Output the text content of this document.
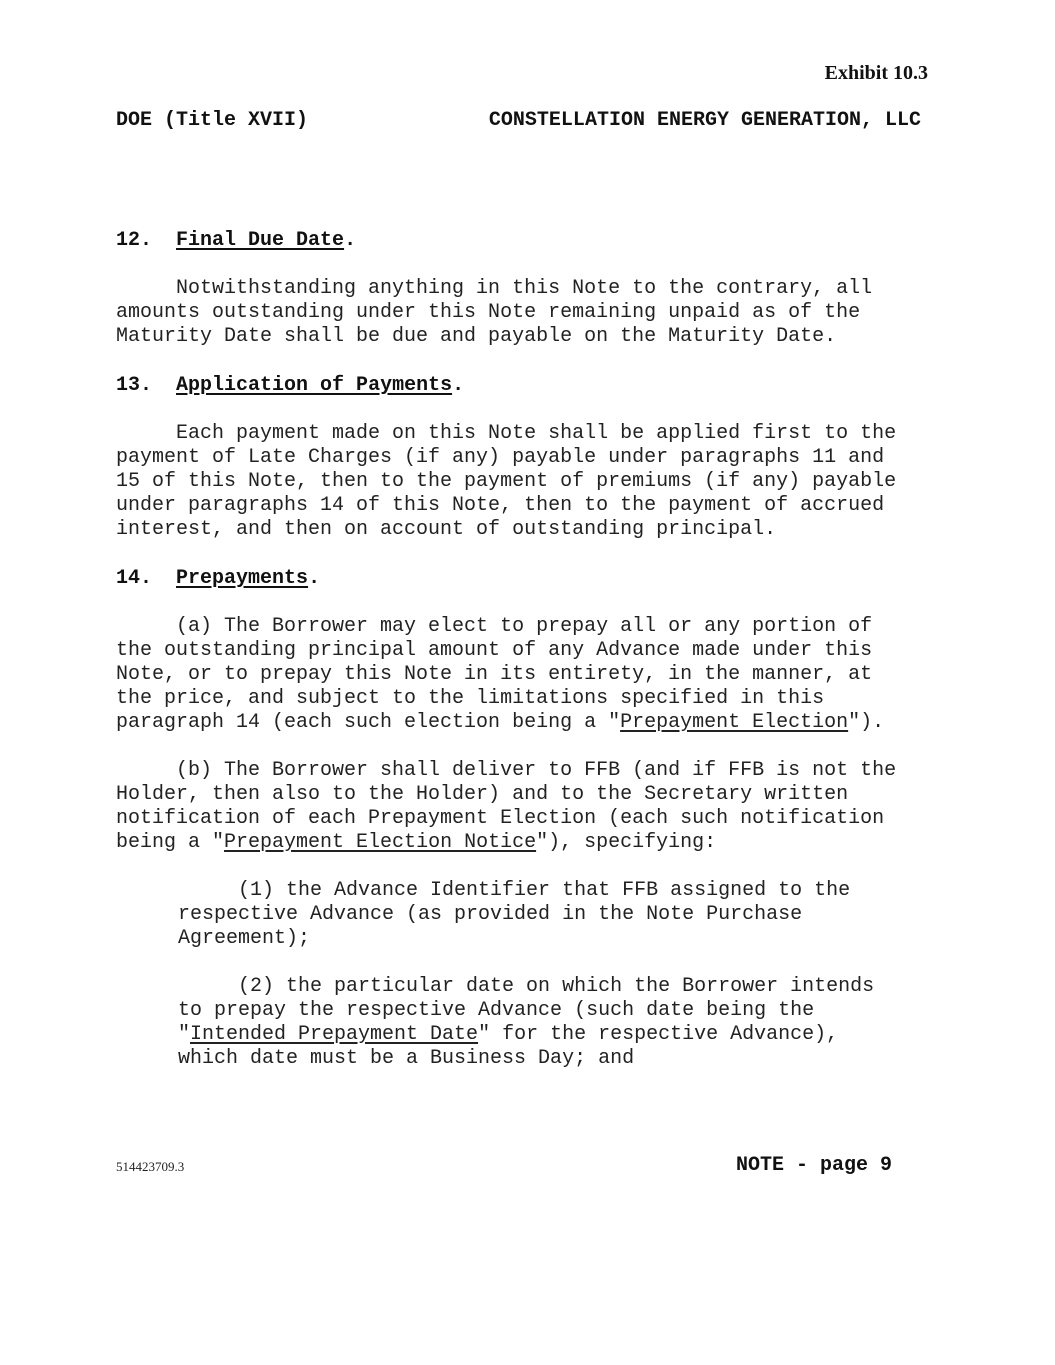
Exhibit 10.3
DOE (Title XVII)	CONSTELLATION ENERGY GENERATION, LLC
12. Final Due Date.
Notwithstanding anything in this Note to the contrary, all
amounts outstanding under this Note remaining unpaid as of the
Maturity Date shall be due and payable on the Maturity Date.
13. Application of Payments.
Each payment made on this Note shall be applied first to the
payment of Late Charges (if any) payable under paragraphs 11 and
15 of this Note, then to the payment of premiums (if any) payable
under paragraphs 14 of this Note, then to the payment of accrued
interest, and then on account of outstanding principal.
14. Prepayments.
(a) The Borrower may elect to prepay all or any portion of
the outstanding principal amount of any Advance made under this
Note, or to prepay this Note in its entirety, in the manner, at
the price, and subject to the limitations specified in this
paragraph 14 (each such election being a "Prepayment Election").
(b) The Borrower shall deliver to FFB (and if FFB is not the
Holder, then also to the Holder) and to the Secretary written
notification of each Prepayment Election (each such notification
being a "Prepayment Election Notice"), specifying:
(1) the Advance Identifier that FFB assigned to the
respective Advance (as provided in the Note Purchase
Agreement);
(2) the particular date on which the Borrower intends
to prepay the respective Advance (such date being the
"Intended Prepayment Date" for the respective Advance),
which date must be a Business Day; and
514423709.3	NOTE - page 9
